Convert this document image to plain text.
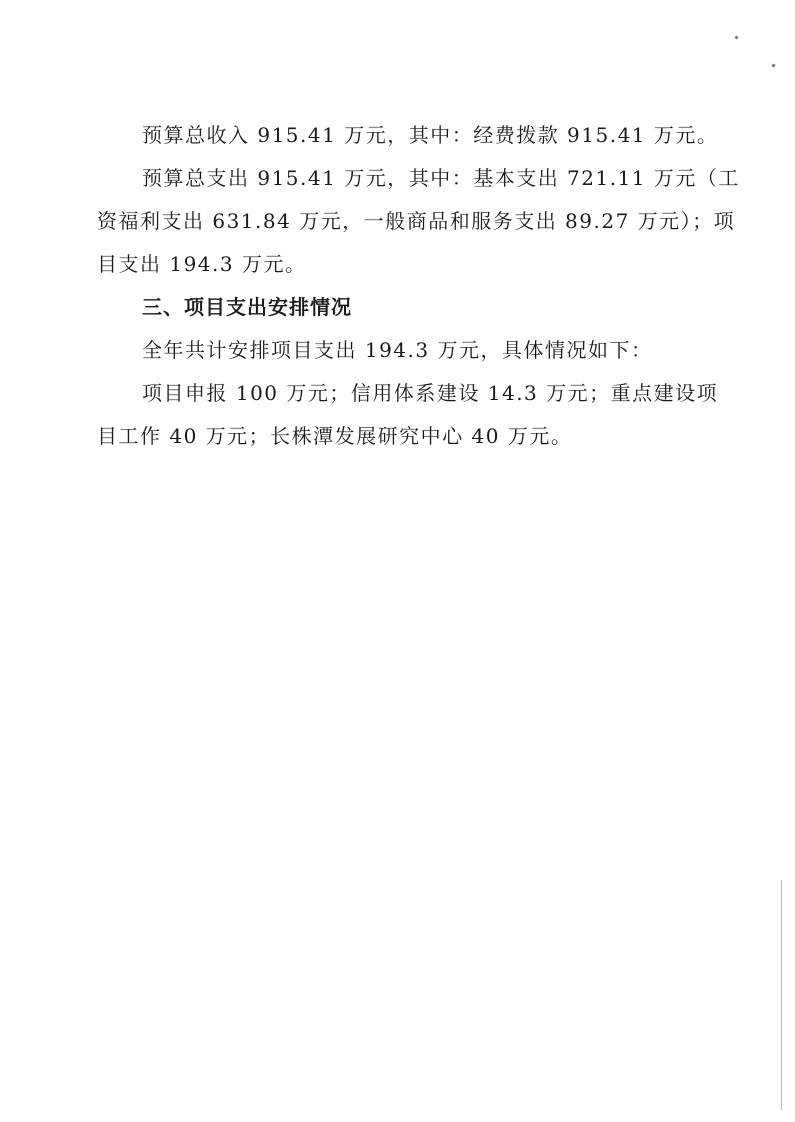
预算总收入 915.41 万元，其中：经费拨款 915.41 万元。
预算总支出 915.41 万元，其中：基本支出 721.11 万元（工
资福利支出 631.84 万元，一般商品和服务支出 89.27 万元）；项
目支出 194.3 万元。
三、项目支出安排情况
全年共计安排项目支出 194.3 万元，具体情况如下：
项目申报 100 万元；信用体系建设 14.3 万元；重点建设项
目工作 40 万元；长株潭发展研究中心 40 万元。
